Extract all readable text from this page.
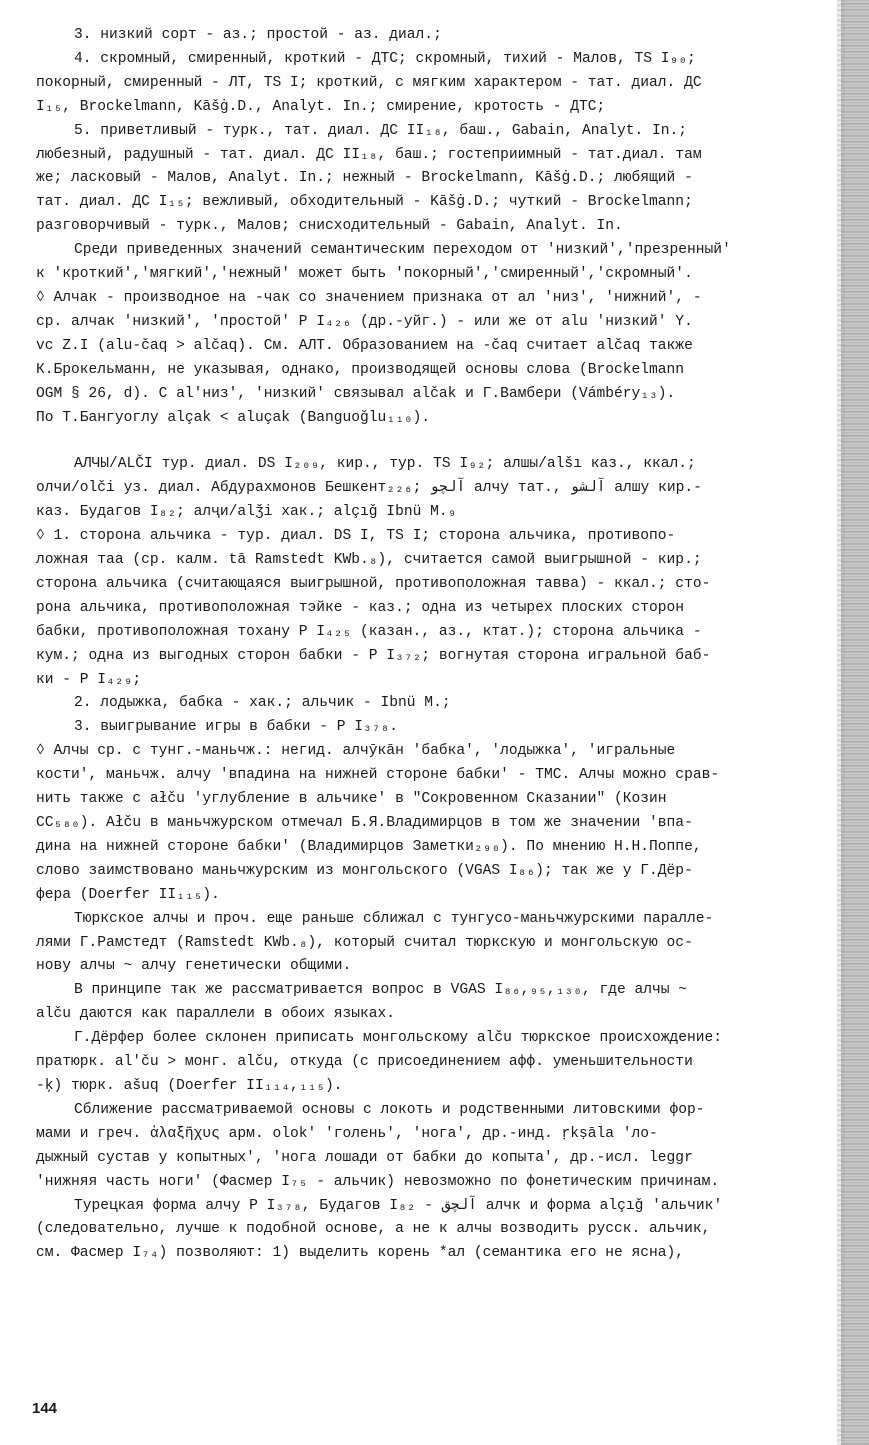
3. низкий сорт - аз.; простой - аз. диал.;

4. скромный, смиренный, кроткий - ДТС; скромный, тихий - Малов, TS I₉₀;
покорный, смиренный - ЛТ, TS I; кроткий, с мягким характером - тат. диал. ДС
I₁₅, Brockelmann, Kāšġ.D., Analyt. In.; смирение, кротость - ДТС;

5. приветливый - турк., тат. диал. ДС II₁₈, баш., Gabain, Analyt. In.;
любезный, радушный - тат. диал. ДС II₁₈, баш.; гостеприимный - тат.диал. там
же; ласковый - Малов, Analyt. In.; нежный - Brockelmann, Kāšġ.D.; любящий -
тат. диал. ДС I₁₅; вежливый, обходительный - Kāšġ.D.; чуткий - Brockelmann;
разговорчивый - турк., Малов; снисходительный - Gabain, Analyt. In.

Среди приведенных значений семантическим переходом от 'низкий','презренный'
к 'кроткий','мягкий','нежный' может быть 'покорный','смиренный','скромный'.

◊ Алчак - производное на -чак со значением признака от ал 'низ', 'нижний', -
ср. алчак 'низкий', 'простой' Р I₄₂₆ (др.-уйг.) - или же от alu 'низкий' Y.
vc Z.I (alu-čaq > alčaq). См. АЛТ. Образованием на -čaq считает alčaq также
К.Брокельманн, не указывая, однако, производящей основы слова (Brockelmann
OGM § 26, d). С al'низ', 'низкий' связывал alčak и Г.Вамбери (Vámbéry₁₃).
По Т.Бангуоглу alçak < aluçak (Banguoğlu₁₁₀).

АЛЧЫ/ALČI тур. диал. DS I₂₀₉, кир., тур. TS I₉₂; алшы/alšı каз., ккал.;
олчи/olči уз. диал. Абдурахмонов Бешкент₂₂₆; آلچو алчу тат., آلشو алшу кир.-
каз. Будагов I₈₂; алҷи/alǯi хак.; alçıǧ Ibnü M.₉

◊ 1. сторона альчика - тур. диал. DS I, TS I; сторона альчика, противопо-
ложная таа (ср. калм. tā Ramstedt KWb.₈), считается самой выигрышной - кир.;
сторона альчика (считающаяся выигрышной, противоположная тавва) - ккал.; сто-
рона альчика, противоположная тэйке - каз.; одна из четырех плоских сторон
бабки, противоположная тохану Р I₄₂₅ (казан., аз., ктат.); сторона альчика -
кум.; одна из выгодных сторон бабки - Р I₃₇₂; вогнутая сторона игральной баб-
ки - Р I₄₂₉;

2. лодыжка, бабка - хак.; альчик - Ibnü M.;

3. выигрывание игры в бабки - Р I₃₇₈.

◊ Алчы ср. с тунг.-маньчж.: негид. алчӯкāн 'бабка', 'лодыжка', 'игральные
кости', маньчж. алчу 'впадина на нижней стороне бабки' - ТМС. Алчы можно срав-
нить также с ałču 'углубление в альчике' в "Сокровенном Сказании" (Козин
СС₅₈₀). Ałču в маньчжурском отмечал Б.Я.Владимирцов в том же значении 'впа-
дина на нижней стороне бабки' (Владимирцов Заметки₂₉₀). По мнению Н.Н.Поппе,
слово заимствовано маньчжурским из монгольского (VGAS I₈₆); так же у Г.Дёр-
фера (Doerfer II₁₁₅).

Тюркское алчы и проч. еще раньше сближал с тунгусо-маньчжурскими паралле-
лями Г.Рамстедт (Ramstedt KWb.₈), который считал тюркскую и монгольскую ос-
нову алчы ~ алчу генетически общими.

В принципе так же рассматривается вопрос в VGAS I₈₆,₉₅,₁₃₀, где алчы ~
alču даются как параллели в обоих языках.

Г.Дёрфер более склонен приписать монгольскому alču тюркское происхождение:
пратюрк. al'ču > монг. alču, откуда (с присоединением афф. уменьшительности
-ķ) тюрк. ašuq (Doerfer II₁₁₄,₁₁₅).

Сближение рассматриваемой основы с локоть и родственными литовскими фор-
мами и греч. ἀλαξῆχυς арм. olok' 'голень', 'нога', др.-инд. ṛkṣāla 'ло-
дыжный сустав у копытных', 'нога лошади от бабки до копыта', др.-исл. leggr
'нижняя часть ноги' (Фасмер I₇₅ - альчик) невозможно по фонетическим причинам.

Турецкая форма алчу Р I₃₇₈, Будагов I₈₂ - آلچق алчк и форма alçıǧ 'альчик'
(следовательно, лучше к подобной основе, а не к алчы возводить русск. альчик,
см. Фасмер I₇₄) позволяют: 1) выделить корень *ал (семантика его не ясна),

144
